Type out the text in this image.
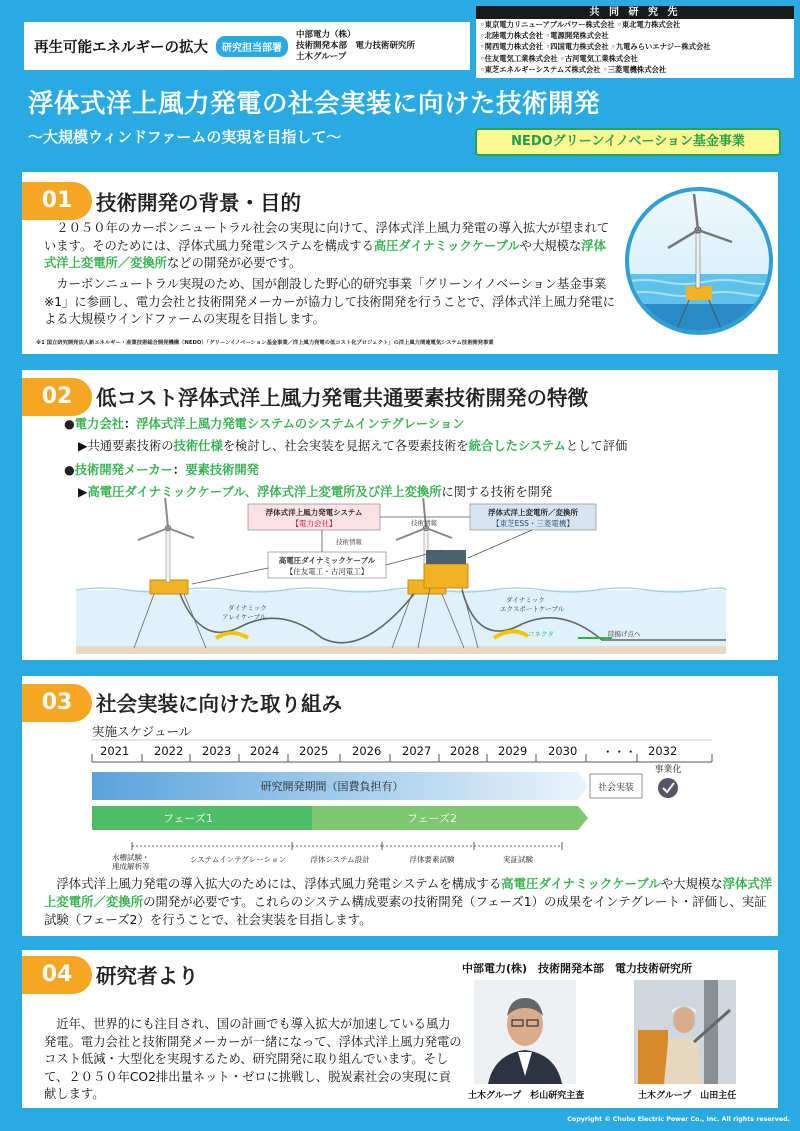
再生可能エネルギーの拡大	研究担当部署
中部電力（株）
技術開発本部　電力技術研究所
土木グループ
共 同 研 究 先
◦東京電力リニューアブルパワー株式会社 ◦東北電力株式会社
◦北陸電力株式会社 ◦電源開発株式会社
◦関西電力株式会社 ◦四国電力株式会社 ◦九電みらいエナジー株式会社
◦住友電気工業株式会社 ◦古河電気工業株式会社
◦東芝エネルギーシステムズ株式会社 ◦三菱電機株式会社
浮体式洋上風力発電の社会実装に向けた技術開発
〜大規模ウィンドファームの実現を目指して〜	NEDOグリーンイノベーション基金事業
01	技術開発の背景・目的
 ２０５０年のカーボンニュートラル社会の実現に向けて、浮体式洋上風力発電の導入拡大が望まれています。そのためには、浮体式風力発電システムを構成する高圧ダイナミックケーブルや大規模な浮体式洋上変電所／変換所などの開発が必要です。
 カーボンニュートラル実現のため、国が創設した野心的研究事業「グリーンイノベーション基金事業※1」に参画し、電力会社と技術開発メーカーが協力して技術開発を行うことで、浮体式洋上風力発電による大規模ウインドファームの実現を目指します。
※1 国立研究開発法人新エネルギー・産業技術総合開発機構（NEDO）「グリーンイノベーション基金事業／洋上風力発電の低コスト化プロジェクト」の洋上風力関連電気システム技術開発事業
02	低コスト浮体式洋上風力発電共通要素技術開発の特徴
●電力会社：浮体式洋上風力発電システムのシステムインテグレーション
▶共通要素技術の技術仕様を検討し、社会実装を見据えて各要素技術を統合したシステムとして評価
●技術開発メーカー：要素技術開発
▶高電圧ダイナミックケーブル、浮体式洋上変電所及び洋上変換所に関する技術を開発
浮体式洋上風力発電システム
【電力会社】
浮体式洋上変電所／変換所
【東芝ESS・三菱電機】
高電圧ダイナミックケーブル
【住友電工・古河電工】
技術情報
技術情報
ダイナミック
アレイケーブル
ダイナミック
エクスポートケーブル
コネクタ	陸揚げ点へ
03	社会実装に向けた取り組み
実施スケジュール
2021 2022 2023 2024 2025 2026 2027 2028 2029 2030 ・・・ 2032
研究開発期間（国費負担有）	社会実装
事業化
フェーズ1	フェーズ2
水槽試験・
連成解析等
システムインテグレーション	浮体システム設計	浮体要素試験	実証試験
 浮体式洋上風力発電の導入拡大のためには、浮体式風力発電システムを構成する高電圧ダイナミックケーブルや大規模な浮体式洋上変電所／変換所の開発が必要です。これらのシステム構成要素の技術開発（フェーズ1）の成果をインテグレート・評価し、実証試験（フェーズ2）を行うことで、社会実装を目指します。
04	研究者より
 近年、世界的にも注目され、国の計画でも導入拡大が加速している風力発電。電力会社と技術開発メーカーが一緒になって、浮体式洋上風力発電のコスト低減・大型化を実現するため、研究開発に取り組んでいます。そして、２０５０年CO2排出量ネット・ゼロに挑戦し、脱炭素社会の実現に貢献します。
中部電力(株)　技術開発本部　電力技術研究所
土木グループ　杉山研究主査	土木グループ　山田主任
Copyright © Chubu Electric Power Co., Inc. All rights reserved.
